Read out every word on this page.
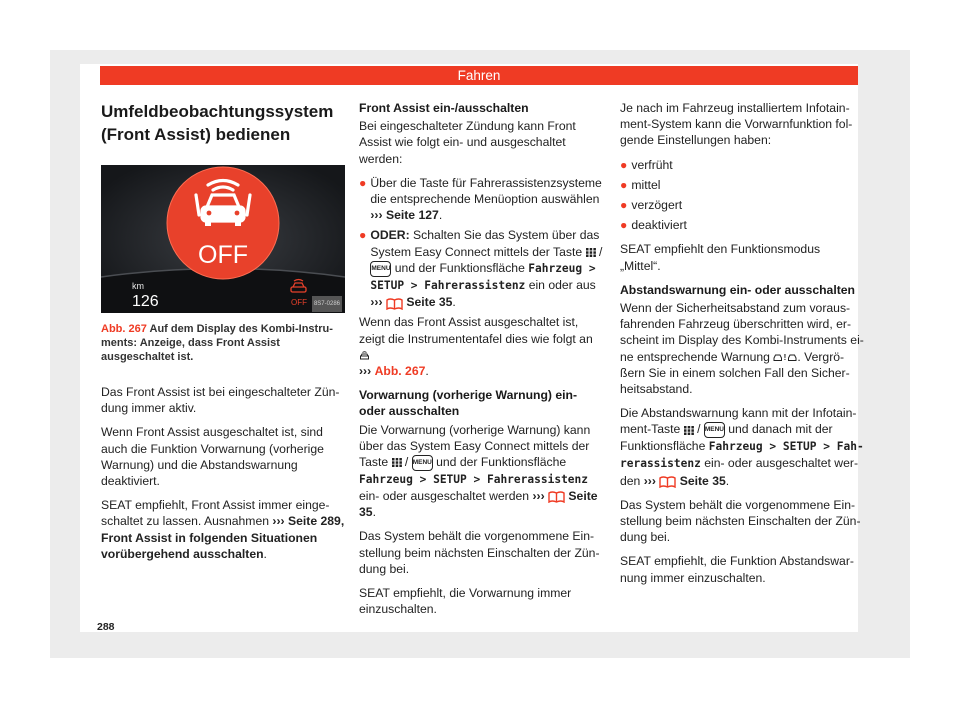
Fahren
Umfeldbeobachtungssystem (Front Assist) bedienen
OFF
km
126	OFF	8S7-0286
Abb. 267 Auf dem Display des Kombi-Instruments: Anzeige, dass Front Assist ausgeschaltet ist.

Das Front Assist ist bei eingeschalteter Zündung immer aktiv.

Wenn Front Assist ausgeschaltet ist, sind auch die Funktion Vorwarnung (vorherige Warnung) und die Abstandswarnung deaktiviert.

SEAT empfiehlt, Front Assist immer eingeschaltet zu lassen. Ausnahmen ››› Seite 289, Front Assist in folgenden Situationen vorübergehend ausschalten.

Front Assist ein-/ausschalten

Bei eingeschalteter Zündung kann Front Assist wie folgt ein- und ausgeschaltet werden:

● Über die Taste für Fahrerassistenzsysteme die entsprechende Menüoption auswählen ››› Seite 127.
● ODER: Schalten Sie das System über das System Easy Connect mittels der Taste  / MENU und der Funktionsfläche Fahrzeug > SETUP > Fahrerassistenz ein oder aus ››› Seite 35.

Wenn das Front Assist ausgeschaltet ist, zeigt die Instrumententafel dies wie folgt an
››› Abb. 267.

Vorwarnung (vorherige Warnung) ein- oder ausschalten

Die Vorwarnung (vorherige Warnung) kann über das System Easy Connect mittels der Taste  / MENU und der Funktionsfläche Fahrzeug > SETUP > Fahrerassistenz ein- oder ausgeschaltet werden ››› Seite 35.

Das System behält die vorgenommene Einstellung beim nächsten Einschalten der Zündung bei.

SEAT empfiehlt, die Vorwarnung immer einzuschalten.

Je nach im Fahrzeug installiertem Infotainment-System kann die Vorwarnfunktion folgende Einstellungen haben:

● verfrüht
● mittel
● verzögert
● deaktiviert

SEAT empfiehlt den Funktionsmodus „Mittel“.

Abstandswarnung ein- oder ausschalten

Wenn der Sicherheitsabstand zum vorausfahrenden Fahrzeug überschritten wird, erscheint im Display des Kombi-Instruments eine entsprechende Warnung ! . Vergrößern Sie in einem solchen Fall den Sicherheitsabstand.

Die Abstandswarnung kann mit der Infotainment-Taste  / MENU und danach mit der Funktionsfläche Fahrzeug > SETUP > Fahrerassistenz ein- oder ausgeschaltet werden ››› Seite 35.

Das System behält die vorgenommene Einstellung beim nächsten Einschalten der Zündung bei.

SEAT empfiehlt, die Funktion Abstandswarnung immer einzuschalten.

288
